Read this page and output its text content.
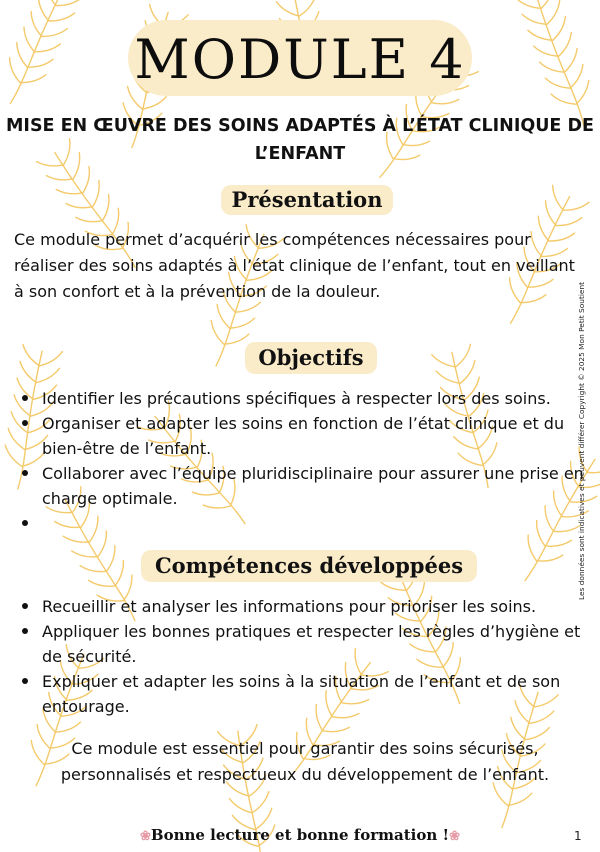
MODULE 4
MISE EN ŒUVRE DES SOINS ADAPTÉS À L’ÉTAT CLINIQUE DE L’ENFANT
Présentation
Ce module permet d’acquérir les compétences nécessaires pour réaliser des soins adaptés à l’état clinique de l’enfant, tout en veillant à son confort et à la prévention de la douleur.
Objectifs
Identifier les précautions spécifiques à respecter lors des soins.
Organiser et adapter les soins en fonction de l’état clinique et du bien-être de l’enfant.
Collaborer avec l’équipe pluridisciplinaire pour assurer une prise en charge optimale.
Compétences développées
Recueillir et analyser les informations pour prioriser les soins.
Appliquer les bonnes pratiques et respecter les règles d’hygiène et de sécurité.
Expliquer et adapter les soins à la situation de l’enfant et de son entourage.
Ce module est essentiel pour garantir des soins sécurisés, personnalisés et respectueux du développement de l’enfant.
Les données sont indicatives et peuvent différer Copyright © 2025 Mon Petit Soutient
❀Bonne lecture et bonne formation !❀	1
